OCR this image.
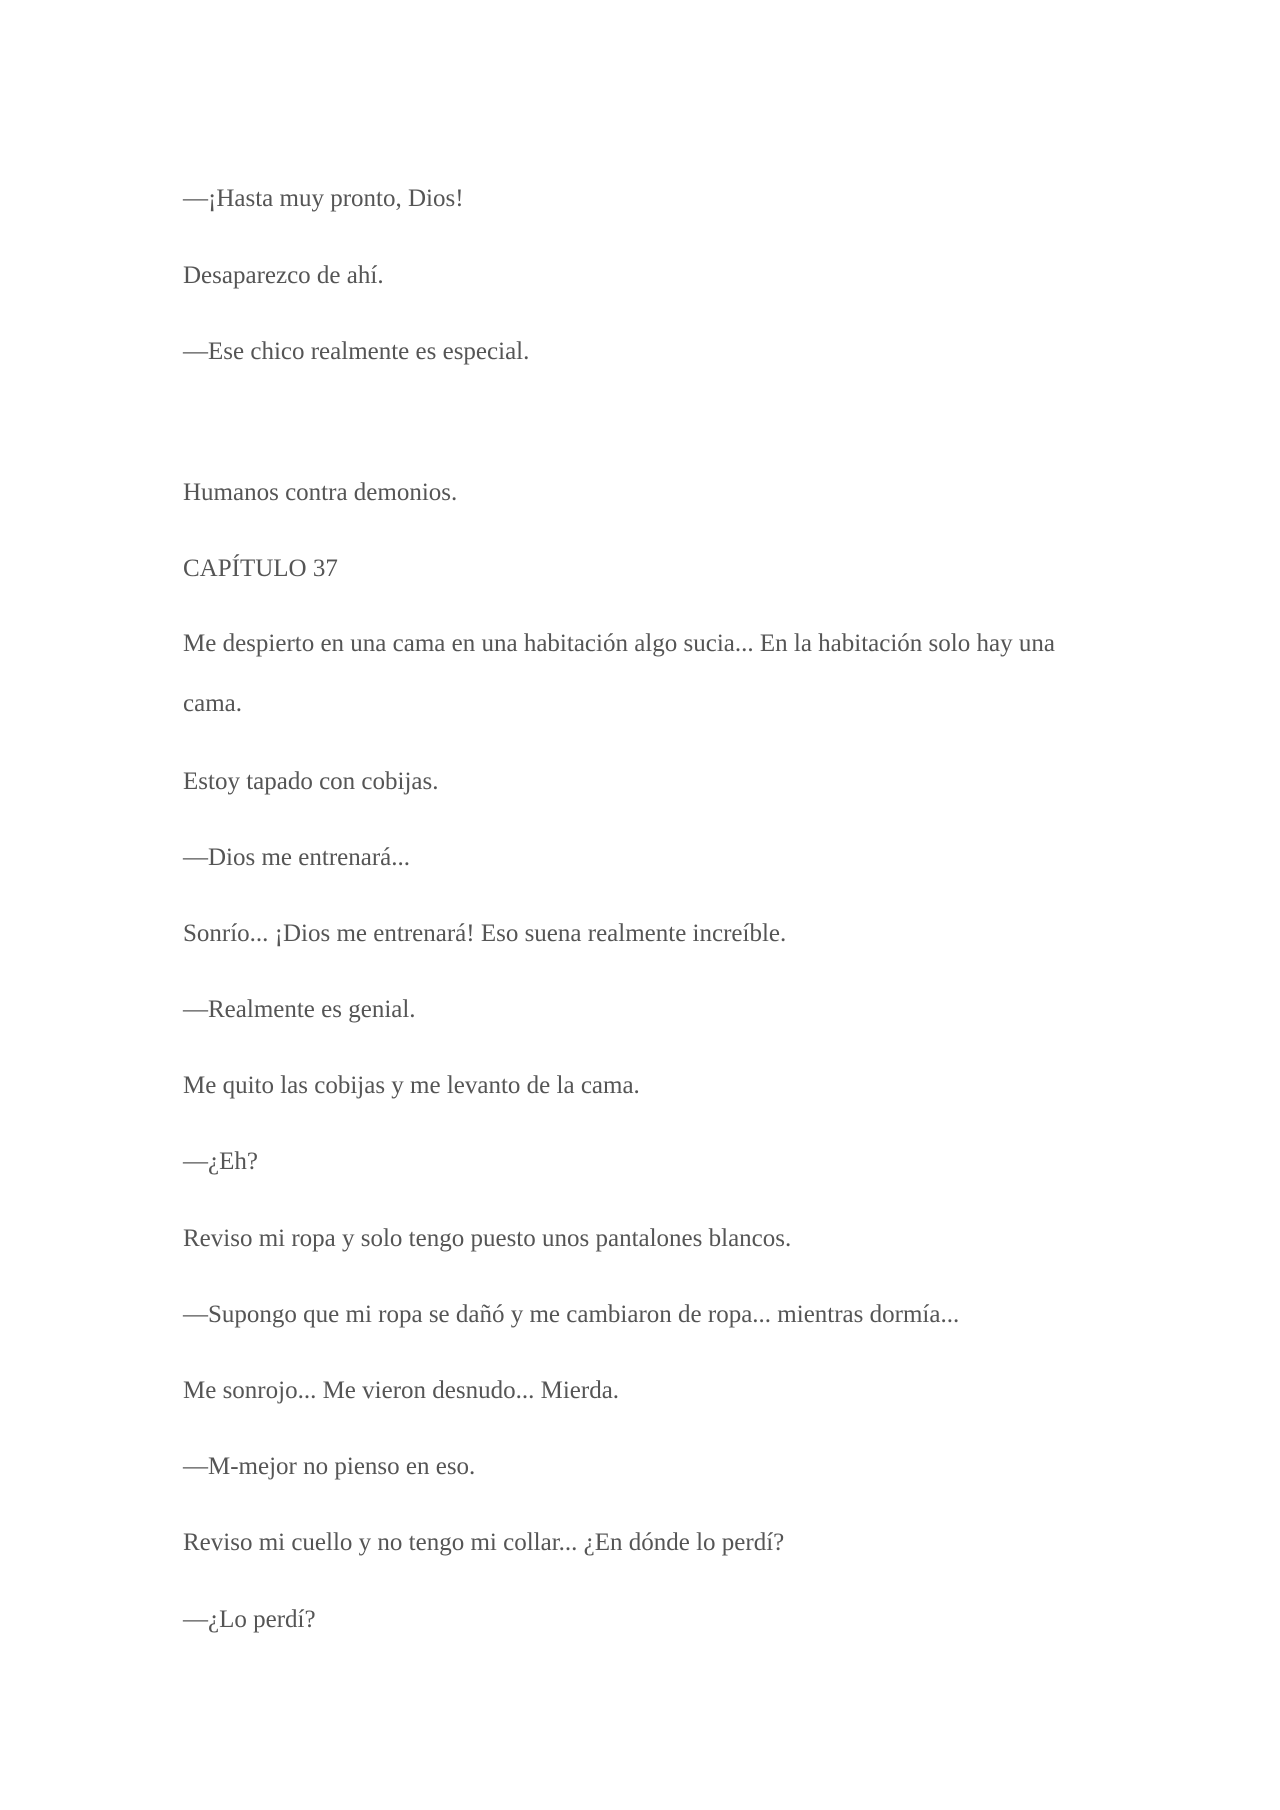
—¡Hasta muy pronto, Dios!

Desaparezco de ahí.

—Ese chico realmente es especial.

Humanos contra demonios.

CAPÍTULO 37

Me despierto en una cama en una habitación algo sucia... En la habitación solo hay una cama.

Estoy tapado con cobijas.

—Dios me entrenará...

Sonrío... ¡Dios me entrenará! Eso suena realmente increíble.

—Realmente es genial.

Me quito las cobijas y me levanto de la cama.

—¿Eh?

Reviso mi ropa y solo tengo puesto unos pantalones blancos.

—Supongo que mi ropa se dañó y me cambiaron de ropa... mientras dormía...

Me sonrojo... Me vieron desnudo... Mierda.

—M-mejor no pienso en eso.

Reviso mi cuello y no tengo mi collar... ¿En dónde lo perdí?

—¿Lo perdí?
